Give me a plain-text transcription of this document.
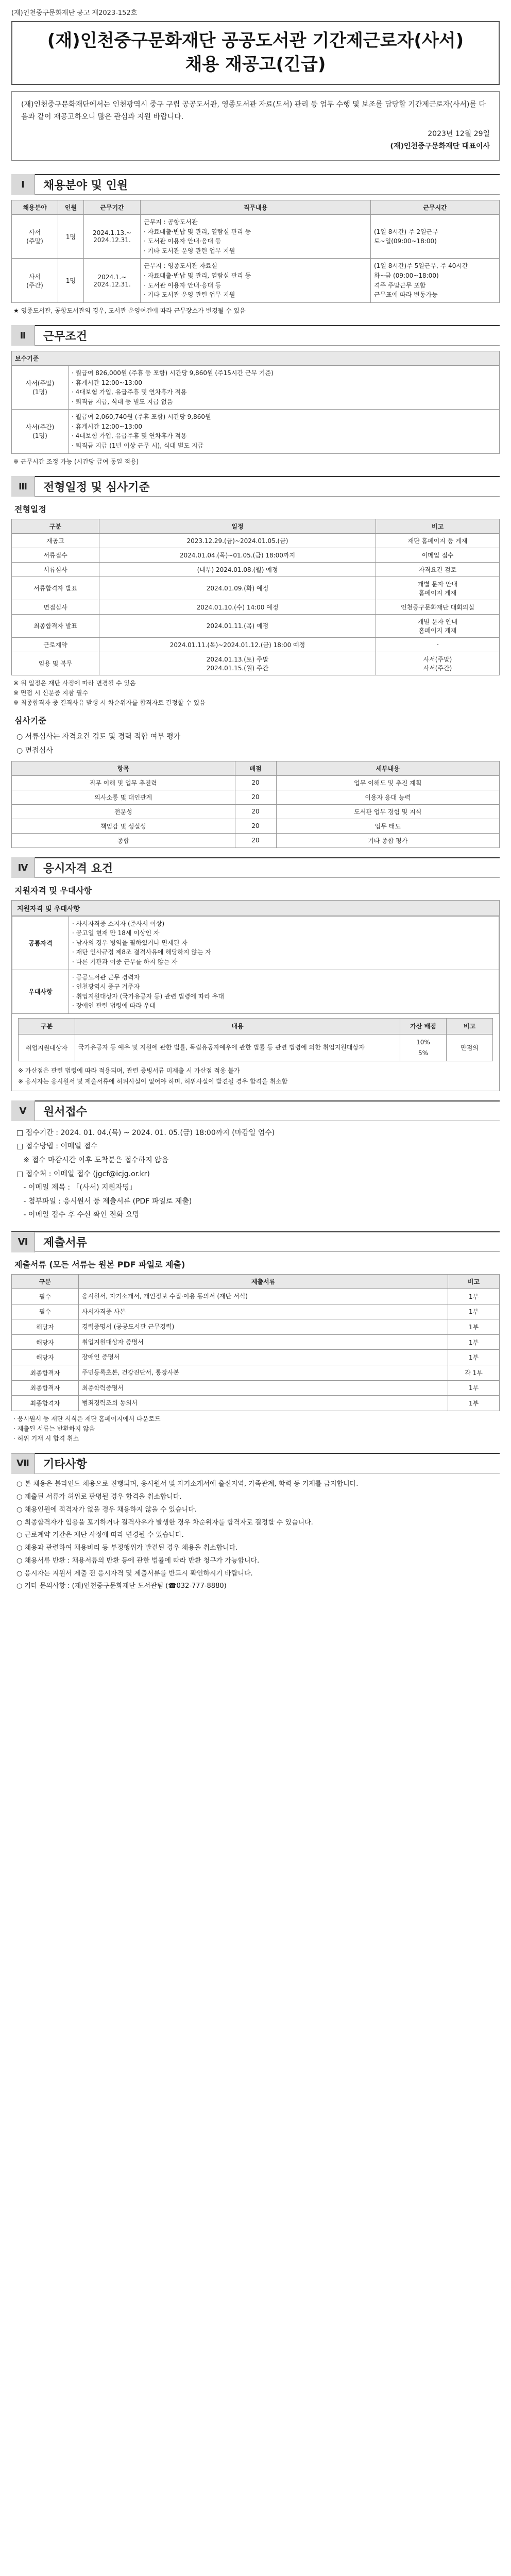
(재)인천중구문화재단 공고 제2023-152호
(재)인천중구문화재단 공공도서관 기간제근로자(사서)
채용 재공고(긴급)

(재)인천중구문화재단에서는 인천광역시 중구 구립 공공도서관, 영종도서관 자료(도서) 관리 등 업무 수행 및 보조를 담당할 기간제근로자(사서)를 다음과 같이 재공고하오니 많은 관심과 지원 바랍니다.

2023년 12월 29일

(재)인천중구문화재단 대표이사

Ⅰ	채용분야 및 인원
채용분야	인원	근무기간	직무내용	근무시간
사서
(주말)	1명	2024.1.13.~
2024.12.31.	근무지 : 공항도서관
· 자료대출·반납 및 관리, 열람실 관리 등
· 도서관 이용자 안내·응대 등
· 기타 도서관 운영 관련 업무 지원	(1일 8시간) 주 2일근무
토~일(09:00~18:00)
사서
(주간)	1명	2024.1.~
2024.12.31.	근무지 : 영종도서관 자료실
· 자료대출·반납 및 관리, 열람실 관리 등
· 도서관 이용자 안내·응대 등
· 기타 도서관 운영 관련 업무 지원	(1일 8시간)주 5일근무, 주 40시간
화~금 (09:00~18:00)
격주 주말근무 포함
근무표에 따라 변동가능
★ 영종도서관, 공항도서관의 경우, 도서관 운영여건에 따라 근무장소가 변경될 수 있음
Ⅱ	근무조건
보수기준	
사서(주말)
(1명)	· 월급여 826,000원 (주휴 등 포함) 시간당 9,860원 (주15시간 근무 기준)
· 휴게시간 12:00~13:00
· 4대보험 가입, 유급주휴 및 연차휴가 적용
· 퇴직금 지급, 식대 등 별도 지급 없음
사서(주간)
(1명)	· 월급여 2,060,740원 (주휴 포함) 시간당 9,860원
· 휴게시간 12:00~13:00
· 4대보험 가입, 유급주휴 및 연차휴가 적용
· 퇴직금 지급 (1년 이상 근무 시), 식대 별도 지급
※ 근무시간 조정 가능 (시간당 급여 동일 적용)
Ⅲ	전형일정 및 심사기준
전형일정
구분	일정	비고
재공고	2023.12.29.(금)~2024.01.05.(금)	재단 홈페이지 등 게재
서류접수	2024.01.04.(목)~01.05.(금) 18:00까지	이메일 접수
서류심사	(내부) 2024.01.08.(월) 예정	자격요건 검토
서류합격자 발표	2024.01.09.(화) 예정	개별 문자 안내
홈페이지 게재
면접심사	2024.01.10.(수) 14:00 예정	인천중구문화재단 대회의실
최종합격자 발표	2024.01.11.(목) 예정	개별 문자 안내
홈페이지 게재
근로계약	2024.01.11.(목)~2024.01.12.(금) 18:00 예정	-
임용 및 복무	2024.01.13.(토) 주말
2024.01.15.(월) 주간	사서(주말)
사서(주간)
※ 위 일정은 재단 사정에 따라 변경될 수 있음
※ 면접 시 신분증 지참 필수
※ 최종합격자 중 결격사유 발생 시 차순위자를 합격자로 결정할 수 있음
심사기준
○ 서류심사는 자격요건 검토 및 경력 적합 여부 평가
○ 면접심사
항목	배점	세부내용
직무 이해 및 업무 추진력	20	업무 이해도 및 추진 계획
의사소통 및 대인관계	20	이용자 응대 능력
전문성	20	도서관 업무 경험 및 지식
책임감 및 성실성	20	업무 태도
종합	20	기타 종합 평가
Ⅳ	응시자격 요건
지원자격 및 우대사항
지원자격 및 우대사항
공통자격	· 사서자격증 소지자 (준사서 이상)
· 공고일 현재 만 18세 이상인 자
· 남자의 경우 병역을 필하였거나 면제된 자
· 재단 인사규정 제8조 결격사유에 해당하지 않는 자
· 다른 기관과 이중 근무를 하지 않는 자
우대사항	· 공공도서관 근무 경력자
· 인천광역시 중구 거주자
· 취업지원대상자 (국가유공자 등) 관련 법령에 따라 우대
· 장애인 관련 법령에 따라 우대
구분	내용	가산 배점	비고
취업지원대상자	국가유공자 등 예우 및 지원에 관한 법률, 독립유공자예우에 관한 법률 등 관련 법령에 의한 취업지원대상자	10%
5%	만점의

※ 가산점은 관련 법령에 따라 적용되며, 관련 증빙서류 미제출 시 가산점 적용 불가
※ 응시자는 응시원서 및 제출서류에 허위사실이 없어야 하며, 허위사실이 발견될 경우 합격을 취소함

Ⅴ	원서접수
□ 접수기간 : 2024. 01. 04.(목) ~ 2024. 01. 05.(금) 18:00까지 (마감일 엄수)
□ 접수방법 : 이메일 접수
※ 접수 마감시간 이후 도착분은 접수하지 않음
□ 접수처 : 이메일 접수 (jgcf@icjg.or.kr)
- 이메일 제목 : 「(사서) 지원자명」
- 첨부파일 : 응시원서 등 제출서류 (PDF 파일로 제출)
- 이메일 접수 후 수신 확인 전화 요망
Ⅵ	제출서류
제출서류 (모든 서류는 원본 PDF 파일로 제출)
구분	제출서류	비고
필수	응시원서, 자기소개서, 개인정보 수집·이용 동의서 (재단 서식)	1부
필수	사서자격증 사본	1부
해당자	경력증명서 (공공도서관 근무경력)	1부
해당자	취업지원대상자 증명서	1부
해당자	장애인 증명서	1부
최종합격자	주민등록초본, 건강진단서, 통장사본	각 1부
최종합격자	최종학력증명서	1부
최종합격자	범죄경력조회 동의서	1부
· 응시원서 등 재단 서식은 재단 홈페이지에서 다운로드
· 제출된 서류는 반환하지 않음
· 허위 기재 시 합격 취소
Ⅶ	기타사항
○ 본 채용은 블라인드 채용으로 진행되며, 응시원서 및 자기소개서에 출신지역, 가족관계, 학력 등 기재를 금지합니다.
○ 제출된 서류가 허위로 판명될 경우 합격을 취소합니다.
○ 채용인원에 적격자가 없을 경우 채용하지 않을 수 있습니다.
○ 최종합격자가 임용을 포기하거나 결격사유가 발생한 경우 차순위자를 합격자로 결정할 수 있습니다.
○ 근로계약 기간은 재단 사정에 따라 변경될 수 있습니다.
○ 채용과 관련하여 채용비리 등 부정행위가 발견된 경우 채용을 취소합니다.
○ 채용서류 반환 : 채용서류의 반환 등에 관한 법률에 따라 반환 청구가 가능합니다.
○ 응시자는 지원서 제출 전 응시자격 및 제출서류를 반드시 확인하시기 바랍니다.
○ 기타 문의사항 : (재)인천중구문화재단 도서관팀 (☎032-777-8880)
